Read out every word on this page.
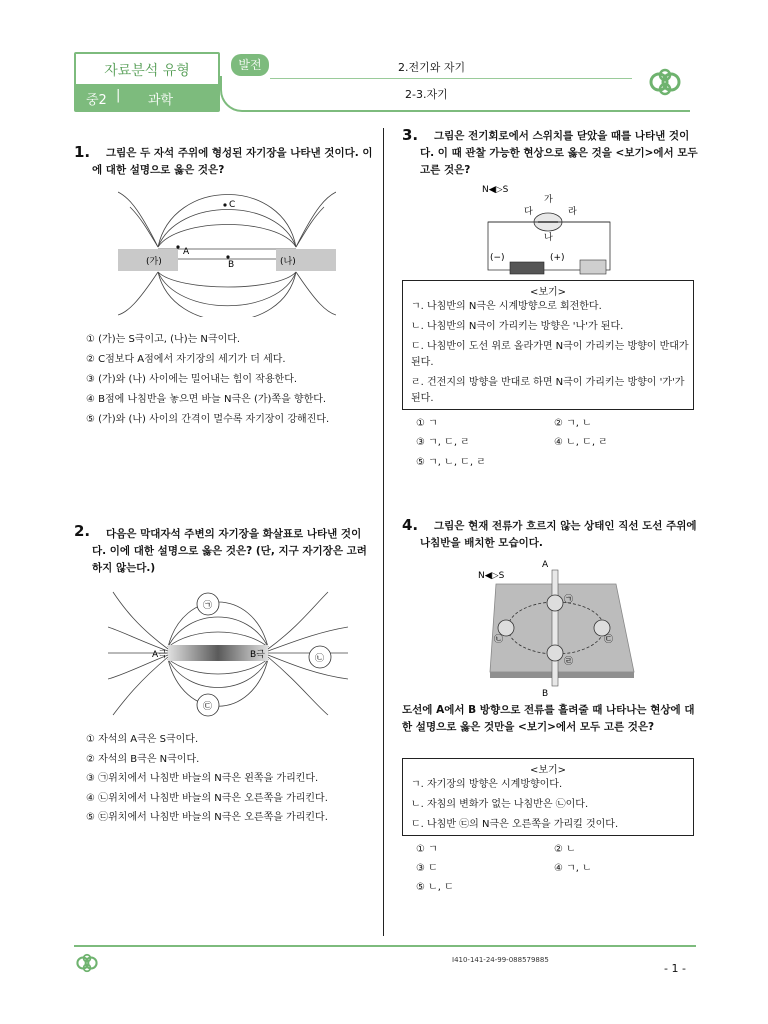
자료분석 유형
중2 | 과학
발전	2.전기와 자기
2-3.자기
1.	그림은 두 자석 주위에 형성된 자기장을 나타낸 것이다. 이에 대한 설명으로 옳은 것은?
(가)	(나)
A
B
C
① (가)는 S극이고, (나)는 N극이다.
② C점보다 A점에서 자기장의 세기가 더 세다.
③ (가)와 (나) 사이에는 밀어내는 힘이 작용한다.
④ B점에 나침반을 놓으면 바늘 N극은 (가)쪽을 향한다.
⑤ (가)와 (나) 사이의 간격이 멀수록 자기장이 강해진다.
2.	다음은 막대자석 주변의 자기장을 화살표로 나타낸 것이다. 이에 대한 설명으로 옳은 것은? (단, 지구 자기장은 고려하지 않는다.)
A극	B극
㉠
㉡
㉢
① 자석의 A극은 S극이다.
② 자석의 B극은 N극이다.
③ ㉠위치에서 나침반 바늘의 N극은 왼쪽을 가리킨다.
④ ㉡위치에서 나침반 바늘의 N극은 오른쪽을 가리킨다.
⑤ ㉢위치에서 나침반 바늘의 N극은 오른쪽을 가리킨다.
3.	그림은 전기회로에서 스위치를 닫았을 때를 나타낸 것이다. 이 때 관찰 가능한 현상으로 옳은 것을 <보기>에서 모두 고른 것은?
N◀▷S
가
다	라
나
(−)	(+)
<보기>
ㄱ. 나침반의 N극은 시계방향으로 회전한다.
ㄴ. 나침반의 N극이 가리키는 방향은 '나'가 된다.
ㄷ. 나침반이 도선 위로 올라가면 N극이 가리키는 방향이 반대가 된다.
ㄹ. 건전지의 방향을 반대로 하면 N극이 가리키는 방향이 '가'가 된다.
① ㄱ	② ㄱ, ㄴ
③ ㄱ, ㄷ, ㄹ	④ ㄴ, ㄷ, ㄹ
⑤ ㄱ, ㄴ, ㄷ, ㄹ
4.	그림은 현재 전류가 흐르지 않는 상태인 직선 도선 주위에 나침반을 배치한 모습이다.
N◀▷S
A
B
㉠
㉡	㉢
㉣
도선에 A에서 B 방향으로 전류를 흘려줄 때 나타나는 현상에 대한 설명으로 옳은 것만을 <보기>에서 모두 고른 것은?
<보기>
ㄱ. 자기장의 방향은 시계방향이다.
ㄴ. 자침의 변화가 없는 나침반은 ㉡이다.
ㄷ. 나침반 ㉢의 N극은 오른쪽을 가리킬 것이다.
① ㄱ	② ㄴ
③ ㄷ	④ ㄱ, ㄴ
⑤ ㄴ, ㄷ
I410-141-24-99-088579885
- 1 -
